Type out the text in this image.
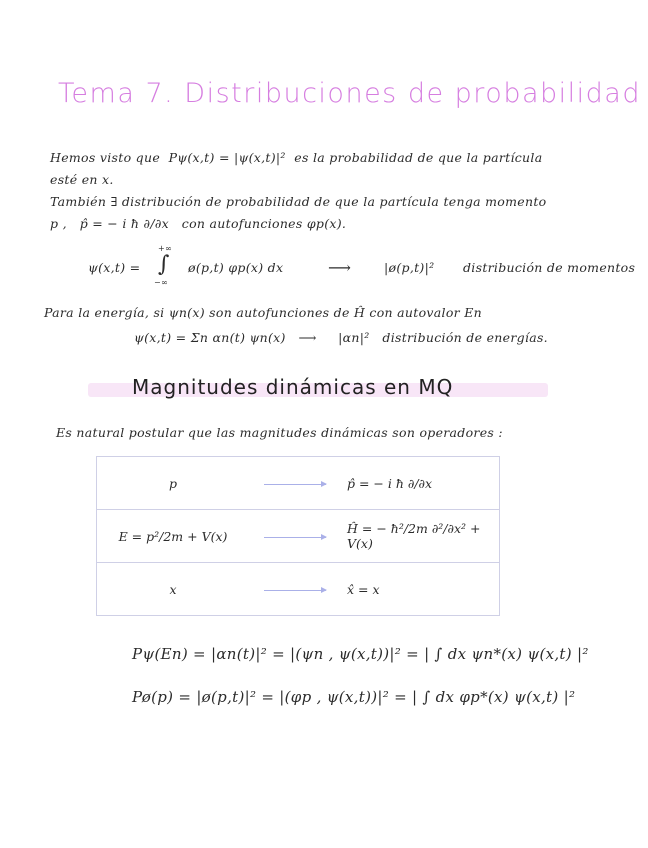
Tema 7. Distribuciones de probabilidad
Hemos visto que Pψ(x,t) = |ψ(x,t)|² es la probabilidad de que la partícula
esté en x.
También ∃ distribución de probabilidad de que la partícula tenga momento
p , p̂ = − i ħ ∂/∂x con autofunciones φp(x).
ψ(x,t) =
+∞
∫
−∞
ø(p,t) φp(x) dx	⟶	|ø(p,t)|² distribución de momentos
Para la energía, si ψn(x) son autofunciones de Ĥ con autovalor En
ψ(x,t) = Σn αn(t) ψn(x) ⟶ |αn|² distribución de energías.
Magnitudes dinámicas en MQ
Es natural postular que las magnitudes dinámicas son operadores :
p		p̂ = − i ħ ∂/∂x
E = p²/2m + V(x)		Ĥ = − ħ²/2m ∂²/∂x² + V(x)
x		x̂ = x
Pψ(En) = |αn(t)|² = |(ψn , ψ(x,t))|² = | ∫ dx ψn*(x) ψ(x,t) |²
Pø(p) = |ø(p,t)|² = |(φp , ψ(x,t))|² = | ∫ dx φp*(x) ψ(x,t) |²
